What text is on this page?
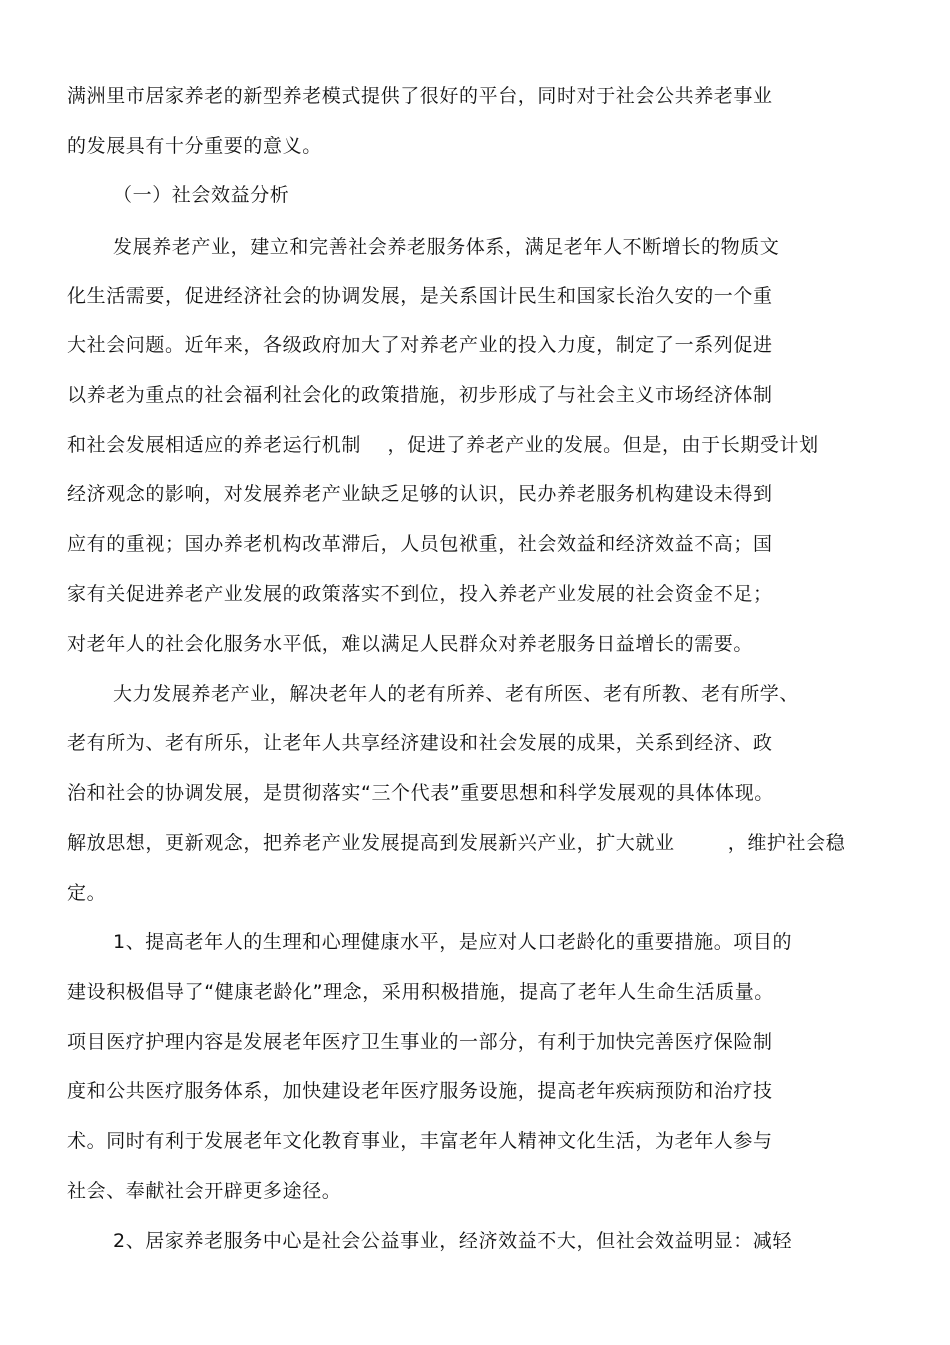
满洲里市居家养老的新型养老模式提供了很好的平台，同时对于社会公共养老事业
的发展具有十分重要的意义。
（一）社会效益分析
发展养老产业，建立和完善社会养老服务体系，满足老年人不断增长的物质文
化生活需要，促进经济社会的协调发展，是关系国计民生和国家长治久安的一个重
大社会问题。近年来，各级政府加大了对养老产业的投入力度，制定了一系列促进
以养老为重点的社会福利社会化的政策措施，初步形成了与社会主义市场经济体制
和社会发展相适应的养老运行机制    ，促进了养老产业的发展。但是，由于长期受计划
经济观念的影响，对发展养老产业缺乏足够的认识，民办养老服务机构建设未得到
应有的重视；国办养老机构改革滞后，人员包袱重，社会效益和经济效益不高；国
家有关促进养老产业发展的政策落实不到位，投入养老产业发展的社会资金不足；
对老年人的社会化服务水平低，难以满足人民群众对养老服务日益增长的需要。
大力发展养老产业，解决老年人的老有所养、老有所医、老有所教、老有所学、
老有所为、老有所乐，让老年人共享经济建设和社会发展的成果，关系到经济、政
治和社会的协调发展，是贯彻落实“三个代表”重要思想和科学发展观的具体体现。
解放思想，更新观念，把养老产业发展提高到发展新兴产业，扩大就业        ，维护社会稳
定。
1、提高老年人的生理和心理健康水平，是应对人口老龄化的重要措施。项目的
建设积极倡导了“健康老龄化”理念，采用积极措施，提高了老年人生命生活质量。
项目医疗护理内容是发展老年医疗卫生事业的一部分，有利于加快完善医疗保险制
度和公共医疗服务体系，加快建设老年医疗服务设施，提高老年疾病预防和治疗技
术。同时有利于发展老年文化教育事业，丰富老年人精神文化生活，为老年人参与
社会、奉献社会开辟更多途径。
2、居家养老服务中心是社会公益事业，经济效益不大，但社会效益明显：减轻
